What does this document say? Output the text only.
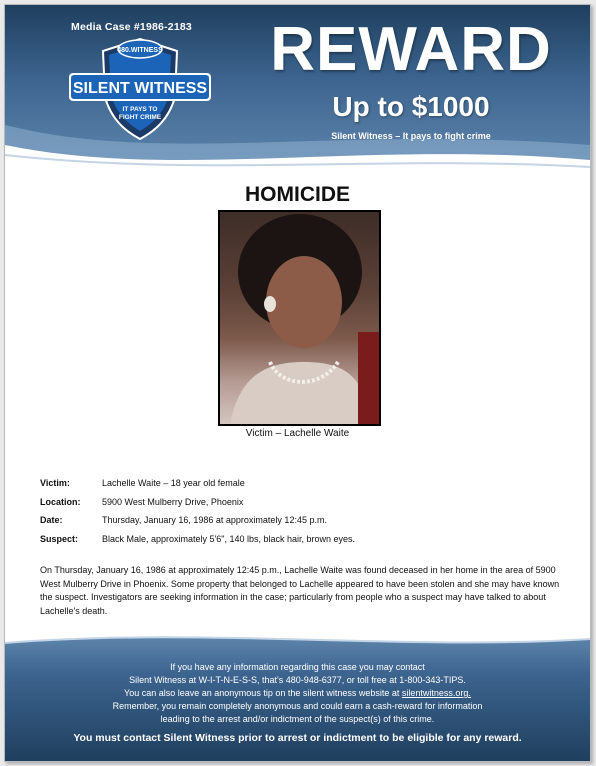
Media Case #1986-2183
480.WITNESS
SILENT WITNESS
IT PAYS TO
FIGHT CRIME
REWARD
Up to $1000
Silent Witness – It pays to fight crime
HOMICIDE
Victim – Lachelle Waite
Victim:	Lachelle Waite – 18 year old female
Location: 5900 West Mulberry Drive, Phoenix
Date:	Thursday, January 16, 1986 at approximately 12:45 p.m.
Suspect:	Black Male, approximately 5'6", 140 lbs, black hair, brown eyes.
On Thursday, January 16, 1986 at approximately 12:45 p.m., Lachelle Waite was found deceased in her home in the area of 5900 West Mulberry Drive in Phoenix. Some property that belonged to Lachelle appeared to have been stolen and she may have known the suspect. Investigators are seeking information in the case; particularly from people who a suspect may have talked to about Lachelle's death.
If you have any information regarding this case you may contact
Silent Witness at W-I-T-N-E-S-S, that's 480-948-6377, or toll free at 1-800-343-TIPS.
You can also leave an anonymous tip on the silent witness website at silentwitness.org.
Remember, you remain completely anonymous and could earn a cash-reward for information
leading to the arrest and/or indictment of the suspect(s) of this crime.
You must contact Silent Witness prior to arrest or indictment to be eligible for any reward.
